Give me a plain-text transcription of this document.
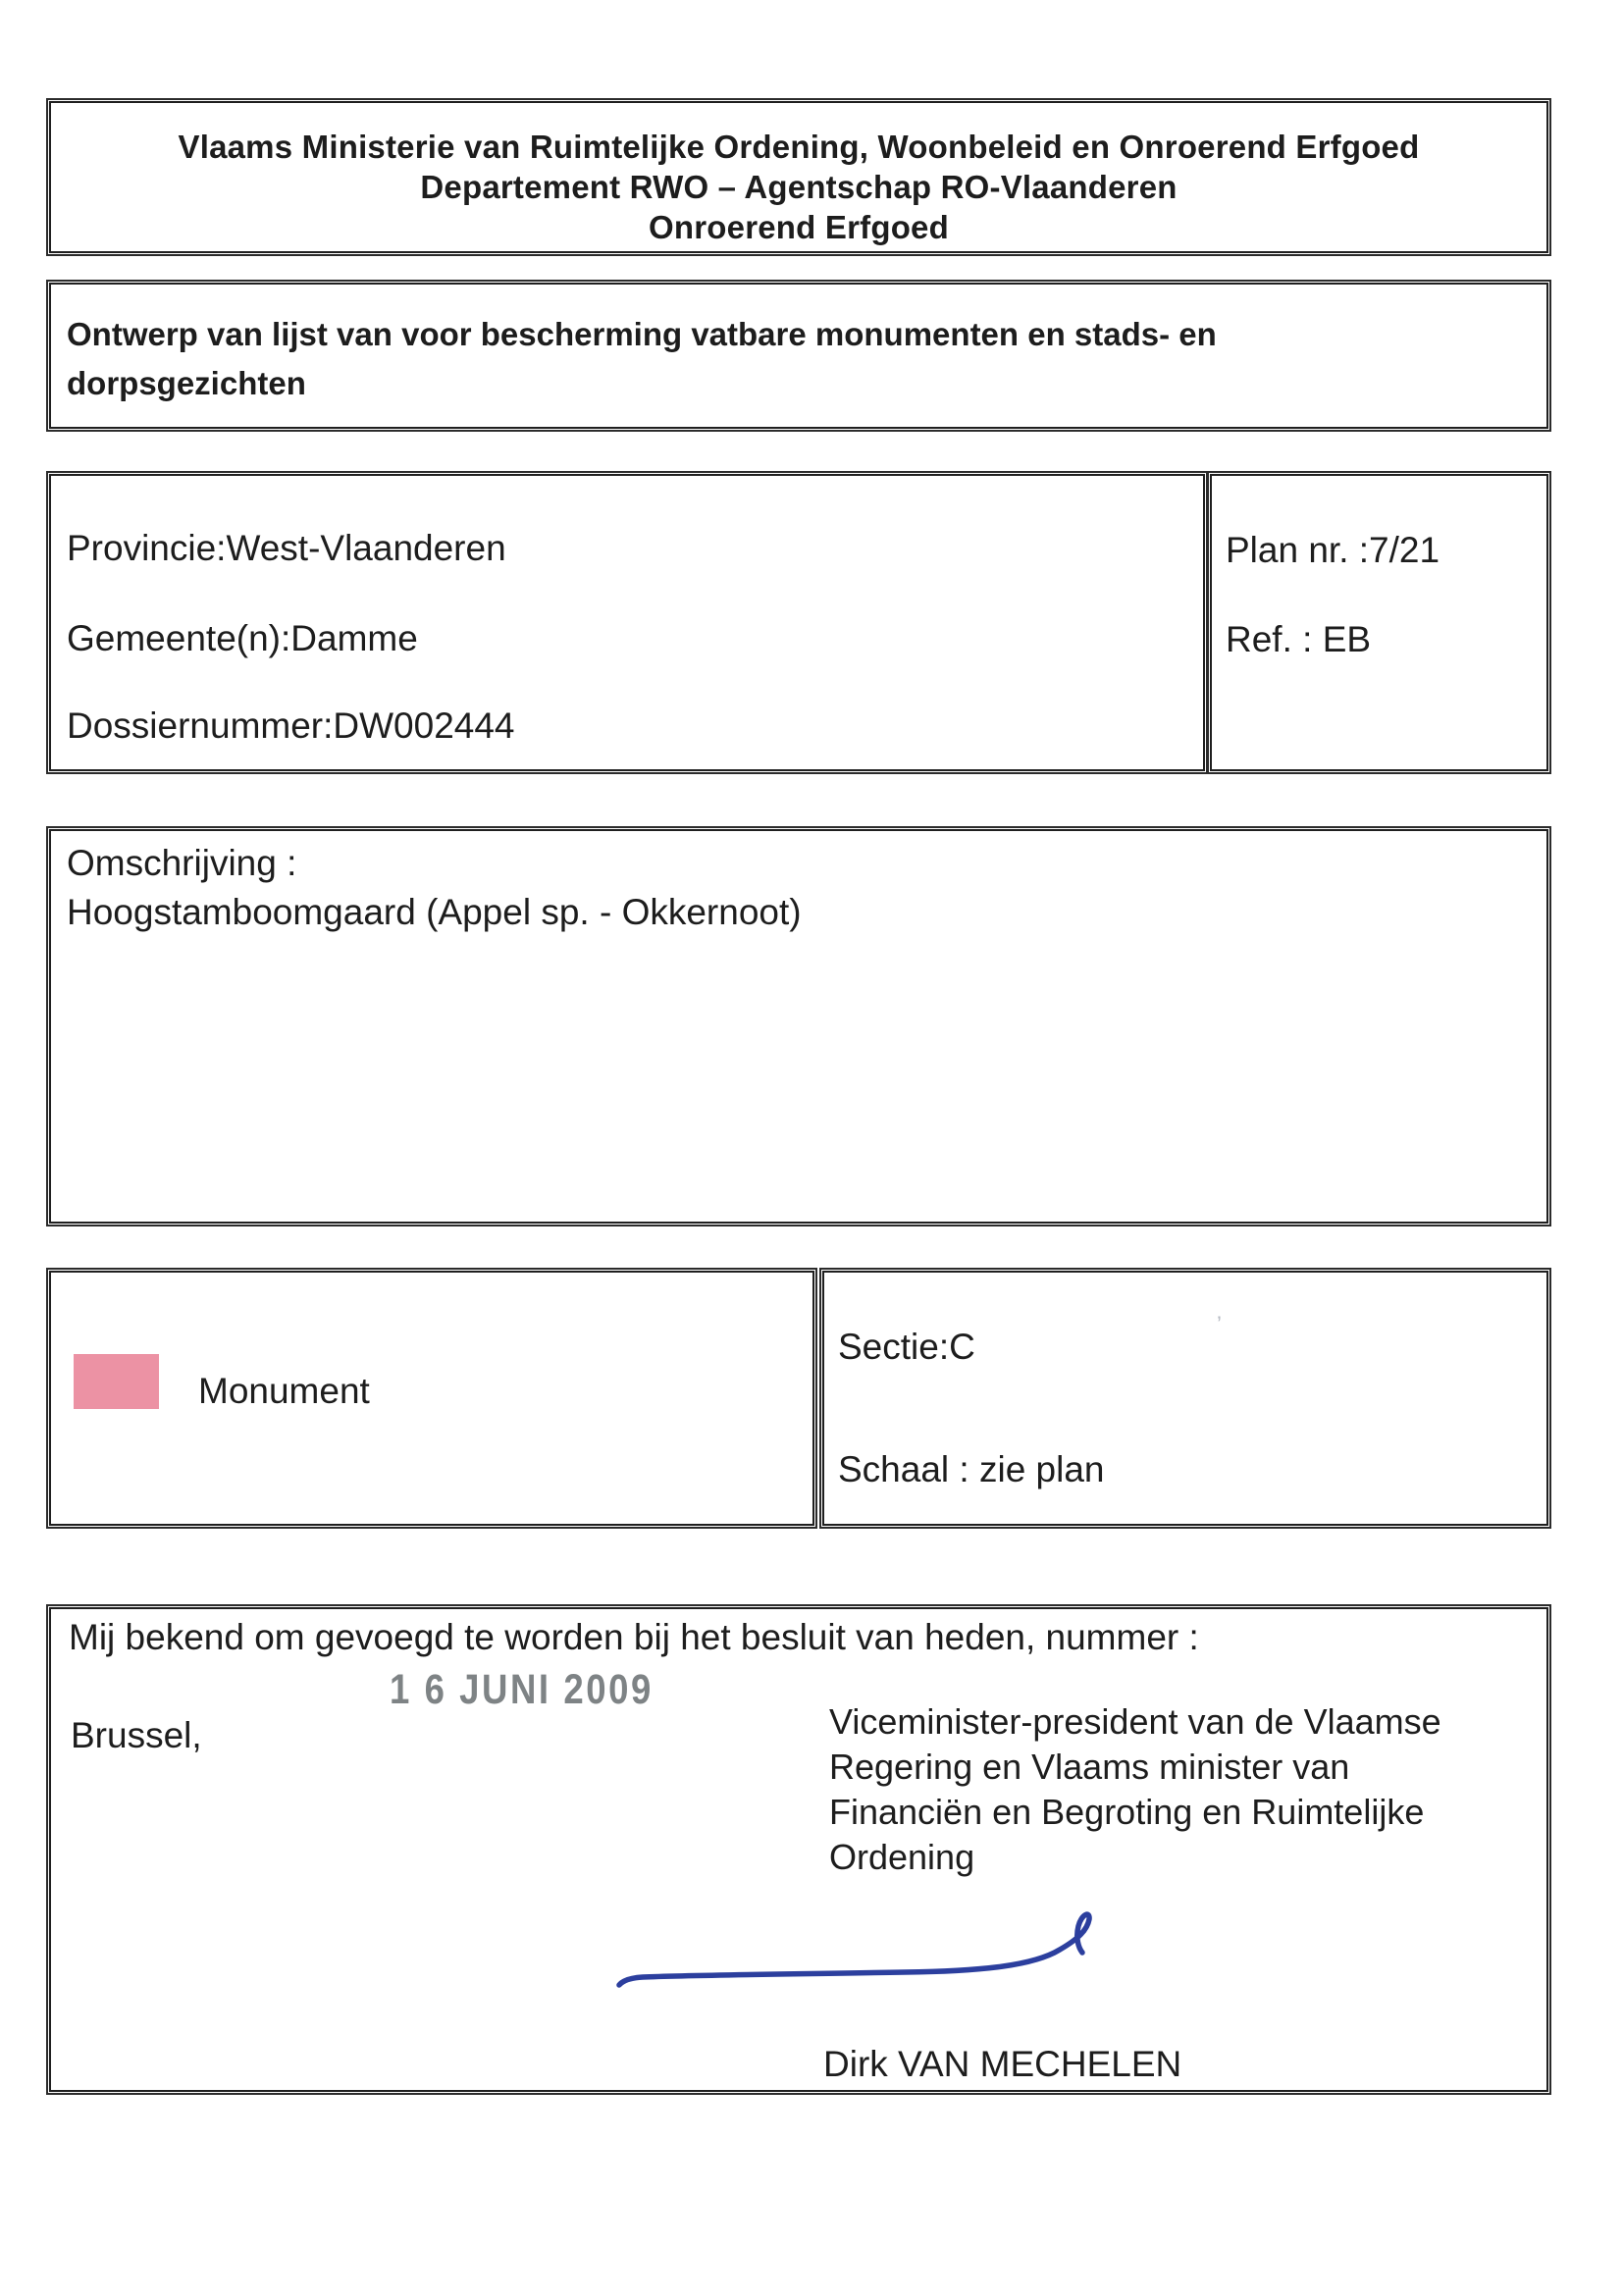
Vlaams Ministerie van Ruimtelijke Ordening, Woonbeleid en Onroerend Erfgoed
Departement RWO – Agentschap RO-Vlaanderen
Onroerend Erfgoed
Ontwerp van lijst van voor bescherming vatbare monumenten en stads- en
dorpsgezichten
Provincie:West-Vlaanderen
Gemeente(n):Damme
Dossiernummer:DW002444
Plan nr. :7/21
Ref. : EB
Omschrijving :
Hoogstamboomgaard (Appel sp. - Okkernoot)
Monument
Sectie:C
Schaal : zie plan
’
Mij bekend om gevoegd te worden bij het besluit van heden, nummer :
1 6 JUNI 2009
Brussel,	Viceminister-president van de Vlaamse
Regering en Vlaams minister van
Financiën en Begroting en Ruimtelijke
Ordening
Dirk VAN MECHELEN
